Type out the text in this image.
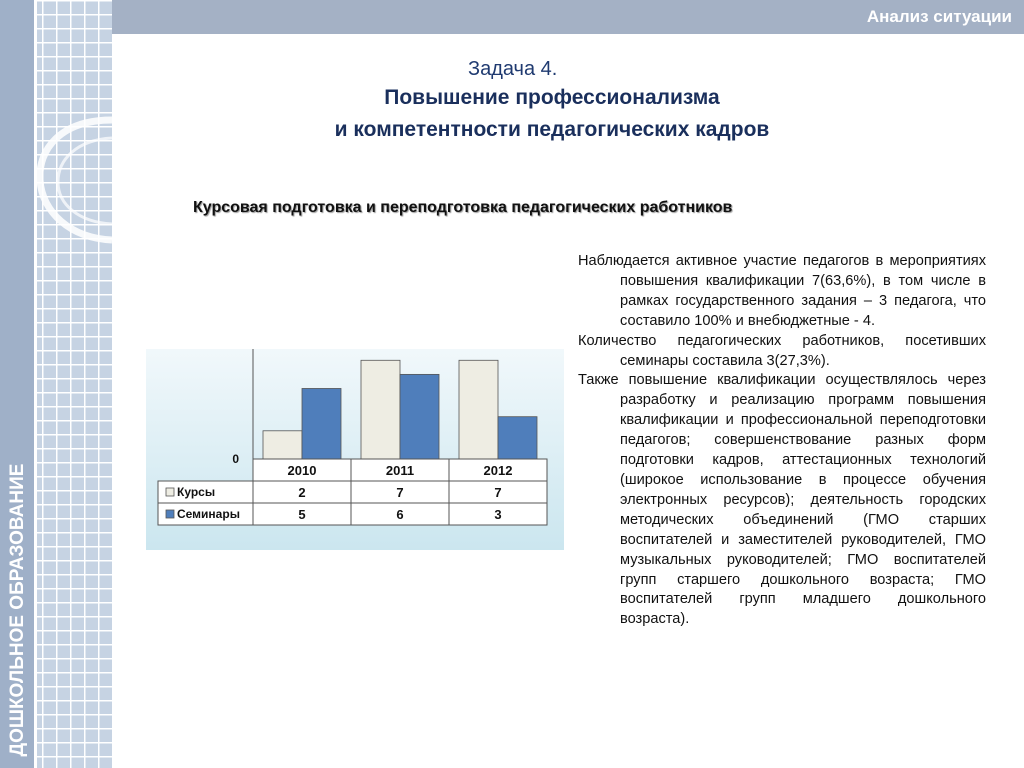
Анализ ситуации
ДОШКОЛЬНОЕ ОБРАЗОВАНИЕ
Задача 4.
Повышение профессионализма
и компетентности педагогических кадров
Курсовая подготовка и переподготовка педагогических работников
0
2010	2011	2012
Курсы	2	7	7
Семинары	5	6	3

Наблюдается активное участие педагогов в мероприятиях повышения квалификации 7(63,6%), в том числе в рамках государственного задания – 3 педагога, что составило 100% и внебюджетные - 4.

Количество педагогических работников, посетивших семинары составила 3(27,3%).

Также повышение квалификации осуществлялось через разработку и реализацию программ повышения квалификации и профессиональной переподготовки педагогов; совершенствование разных форм подготовки кадров, аттестационных технологий (широкое использование в процессе обучения электронных ресурсов); деятельность городских методических объединений (ГМО старших воспитателей и заместителей руководителей, ГМО музыкальных руководителей; ГМО воспитателей групп старшего дошкольного возраста; ГМО воспитателей групп младшего дошкольного возраста).
